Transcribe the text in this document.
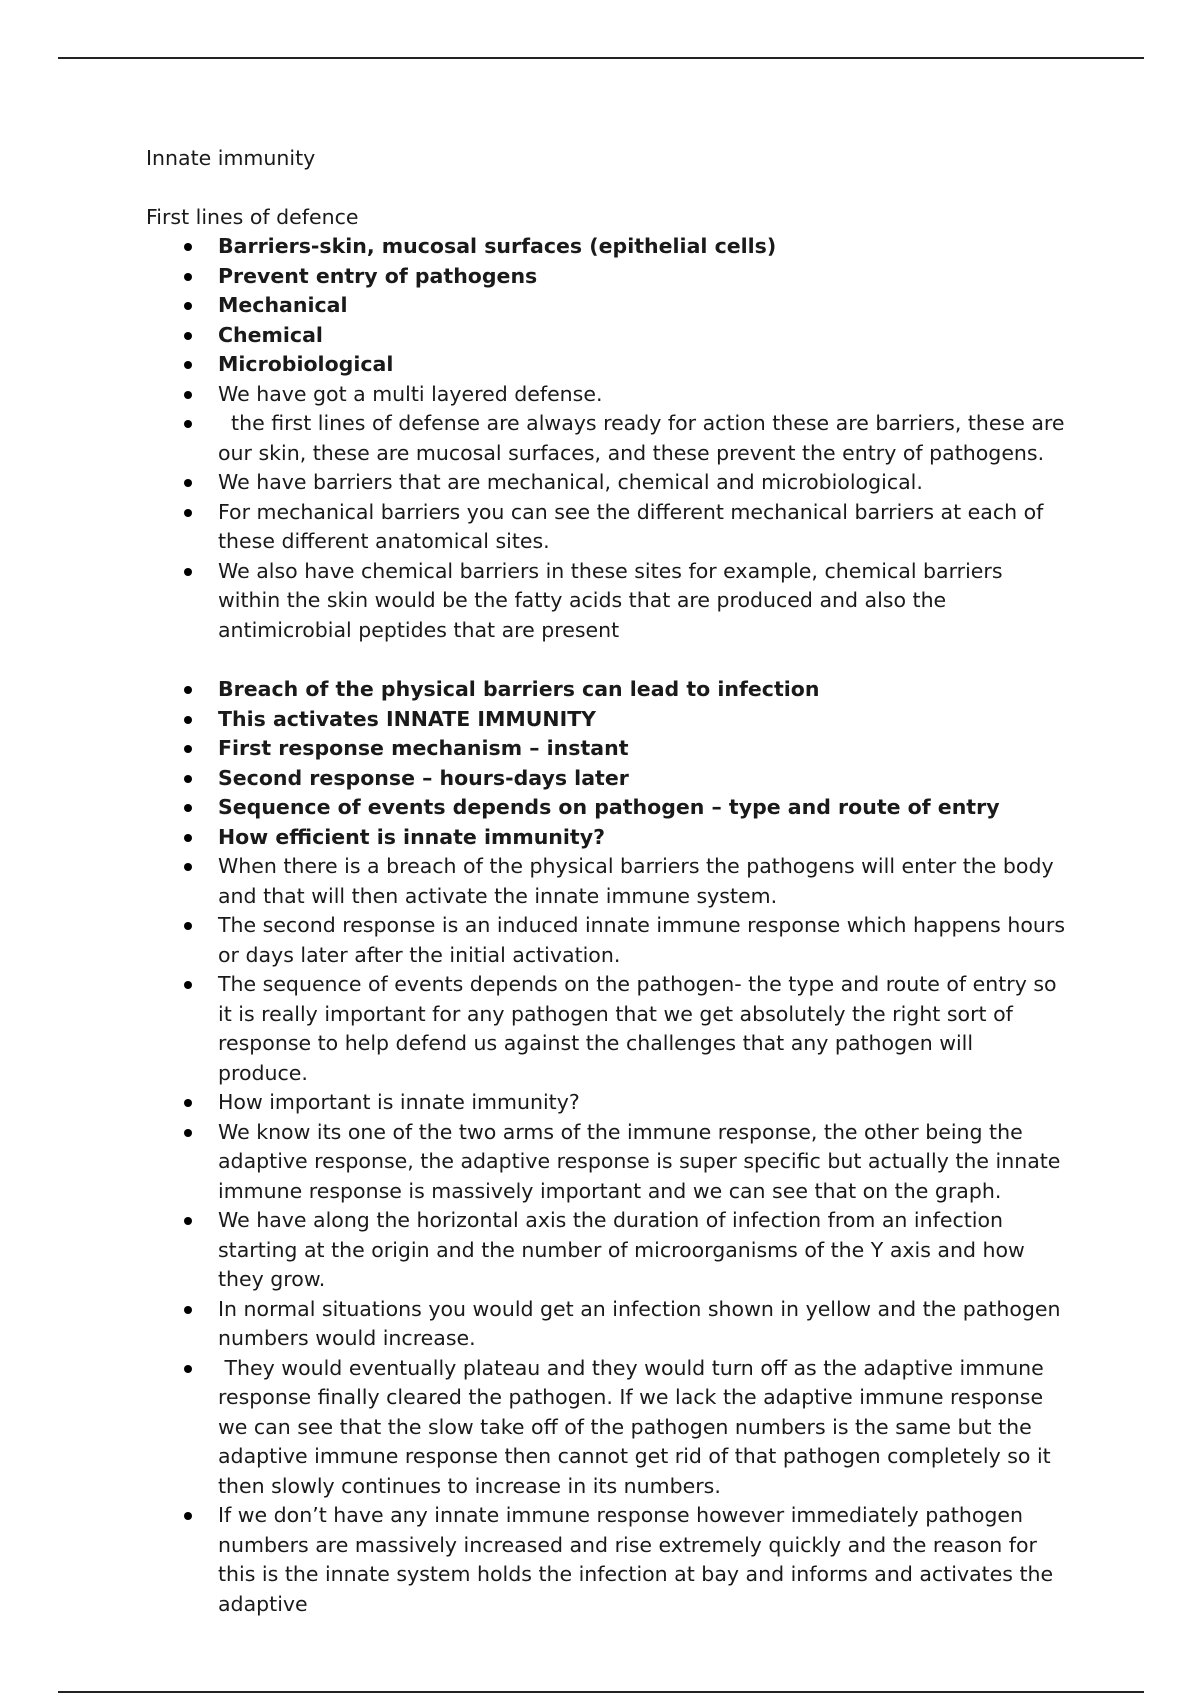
Innate immunity

First lines of defence

Barriers-skin, mucosal surfaces (epithelial cells)
Prevent entry of pathogens
Mechanical
Chemical
Microbiological
We have got a multi layered defense.
the first lines of defense are always ready for action these are barriers, these are our skin, these are mucosal surfaces, and these prevent the entry of pathogens.
We have barriers that are mechanical, chemical and microbiological.
For mechanical barriers you can see the different mechanical barriers at each of these different anatomical sites.
We also have chemical barriers in these sites for example, chemical barriers within the skin would be the fatty acids that are produced and also the antimicrobial peptides that are present
Breach of the physical barriers can lead to infection
This activates INNATE IMMUNITY
First response mechanism – instant
Second response – hours-days later
Sequence of events depends on pathogen – type and route of entry
How efficient is innate immunity?
When there is a breach of the physical barriers the pathogens will enter the body and that will then activate the innate immune system.
The second response is an induced innate immune response which happens hours or days later after the initial activation.
The sequence of events depends on the pathogen- the type and route of entry so it is really important for any pathogen that we get absolutely the right sort of response to help defend us against the challenges that any pathogen will produce.
How important is innate immunity?
We know its one of the two arms of the immune response, the other being the adaptive response, the adaptive response is super specific but actually the innate immune response is massively important and we can see that on the graph.
We have along the horizontal axis the duration of infection from an infection starting at the origin and the number of microorganisms of the Y axis and how they grow.
In normal situations you would get an infection shown in yellow and the pathogen numbers would increase.
They would eventually plateau and they would turn off as the adaptive immune response finally cleared the pathogen. If we lack the adaptive immune response we can see that the slow take off of the pathogen numbers is the same but the adaptive immune response then cannot get rid of that pathogen completely so it then slowly continues to increase in its numbers.
If we don’t have any innate immune response however immediately pathogen numbers are massively increased and rise extremely quickly and the reason for this is the innate system holds the infection at bay and informs and activates the adaptive
